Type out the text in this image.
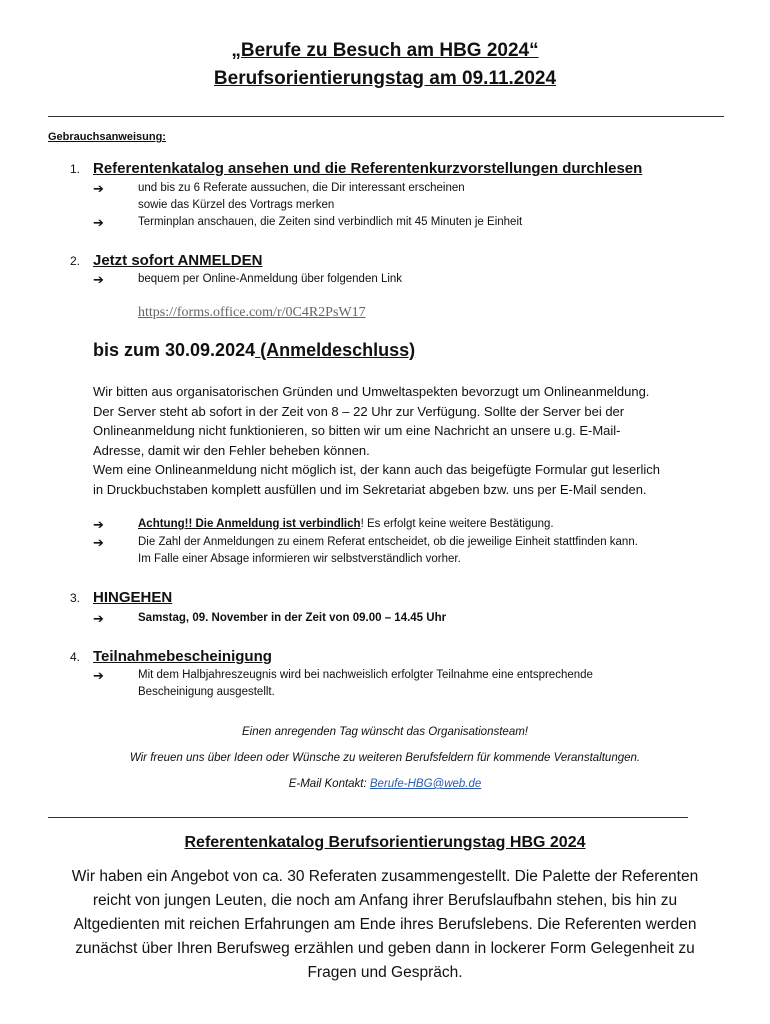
„Berufe zu Besuch am HBG 2024“
Berufsorientierungstag am 09.11.2024
Gebrauchsanweisung:
1. Referentenkatalog ansehen und die Referentenkurzvorstellungen durchlesen
➔	und bis zu 6 Referate aussuchen, die Dir interessant erscheinen
sowie das Kürzel des Vortrags merken
➔	Terminplan anschauen, die Zeiten sind verbindlich mit 45 Minuten je Einheit
2. Jetzt sofort ANMELDEN
➔	bequem per Online-Anmeldung über folgenden Link
https://forms.office.com/r/0C4R2PsW17
bis zum 30.09.2024 (Anmeldeschluss)
Wir bitten aus organisatorischen Gründen und Umweltaspekten bevorzugt um Onlineanmeldung.
Der Server steht ab sofort in der Zeit von 8 – 22 Uhr zur Verfügung. Sollte der Server bei der
Onlineanmeldung nicht funktionieren, so bitten wir um eine Nachricht an unsere u.g. E-Mail-
Adresse, damit wir den Fehler beheben können.
Wem eine Onlineanmeldung nicht möglich ist, der kann auch das beigefügte Formular gut leserlich
in Druckbuchstaben komplett ausfüllen und im Sekretariat abgeben bzw. uns per E-Mail senden.
➔	Achtung!! Die Anmeldung ist verbindlich! Es erfolgt keine weitere Bestätigung.
➔	Die Zahl der Anmeldungen zu einem Referat entscheidet, ob die jeweilige Einheit stattfinden kann.
Im Falle einer Absage informieren wir selbstverständlich vorher.
3. HINGEHEN
➔	Samstag, 09. November in der Zeit von 09.00 – 14.45 Uhr
4. Teilnahmebescheinigung
➔	Mit dem Halbjahreszeugnis wird bei nachweislich erfolgter Teilnahme eine entsprechende
Bescheinigung ausgestellt.
Einen anregenden Tag wünscht das Organisationsteam!
Wir freuen uns über Ideen oder Wünsche zu weiteren Berufsfeldern für kommende Veranstaltungen.
E-Mail Kontakt: Berufe-HBG@web.de
Referentenkatalog Berufsorientierungstag HBG 2024
Wir haben ein Angebot von ca. 30 Referaten zusammengestellt. Die Palette der Referenten
reicht von jungen Leuten, die noch am Anfang ihrer Berufslaufbahn stehen, bis hin zu
Altgedienten mit reichen Erfahrungen am Ende ihres Berufslebens. Die Referenten werden
zunächst über Ihren Berufsweg erzählen und geben dann in lockerer Form Gelegenheit zu
Fragen und Gespräch.
